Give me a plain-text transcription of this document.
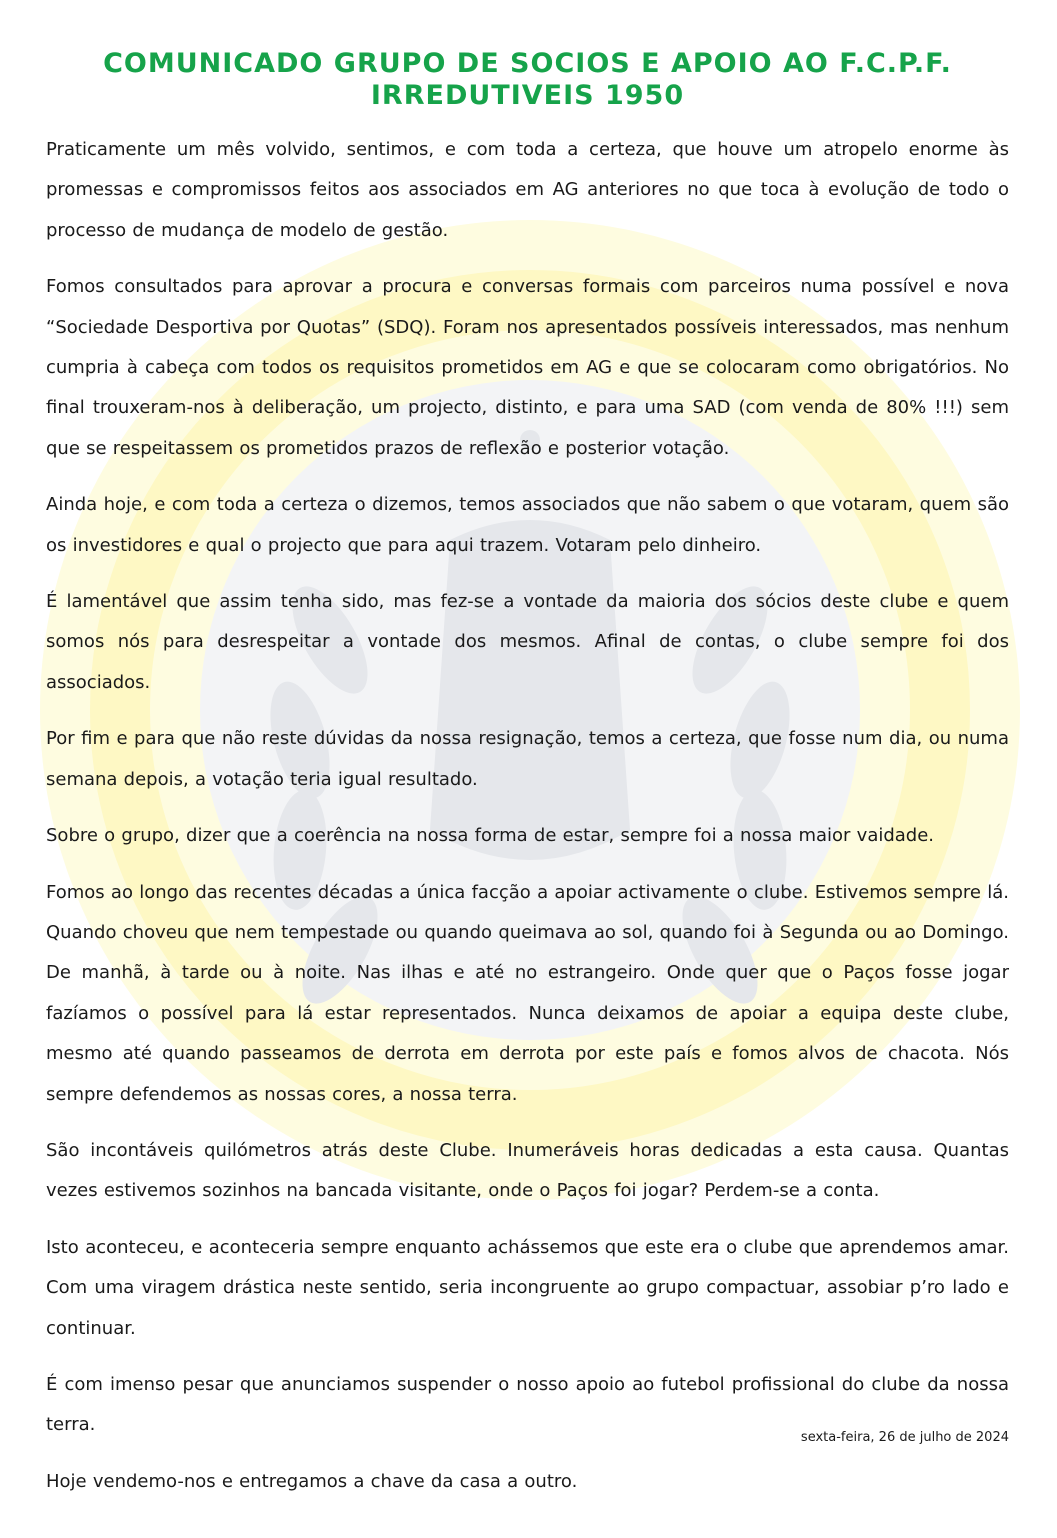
COMUNICADO GRUPO DE SOCIOS E APOIO AO F.C.P.F.
IRREDUTIVEIS 1950

Praticamente um mês volvido, sentimos, e com toda a certeza, que houve um atropelo enorme às promessas e compromissos feitos aos associados em AG anteriores no que toca à evolução de todo o processo de mudança de modelo de gestão.

Fomos consultados para aprovar a procura e conversas formais com parceiros numa possível e nova “Sociedade Desportiva por Quotas” (SDQ). Foram nos apresentados possíveis interessados, mas nenhum cumpria à cabeça com todos os requisitos prometidos em AG e que se colocaram como obrigatórios. No final trouxeram-nos à deliberação, um projecto, distinto, e para uma SAD (com venda de 80% !!!) sem que se respeitassem os prometidos prazos de reflexão e posterior votação.

Ainda hoje, e com toda a certeza o dizemos, temos associados que não sabem o que votaram, quem são os investidores e qual o projecto que para aqui trazem. Votaram pelo dinheiro.

É lamentável que assim tenha sido, mas fez-se a vontade da maioria dos sócios deste clube e quem somos nós para desrespeitar a vontade dos mesmos. Afinal de contas, o clube sempre foi dos associados.

Por fim e para que não reste dúvidas da nossa resignação, temos a certeza, que fosse num dia, ou numa semana depois, a votação teria igual resultado.

Sobre o grupo, dizer que a coerência na nossa forma de estar, sempre foi a nossa maior vaidade.

Fomos ao longo das recentes décadas a única facção a apoiar activamente o clube. Estivemos sempre lá. Quando choveu que nem tempestade ou quando queimava ao sol, quando foi à Segunda ou ao Domingo. De manhã, à tarde ou à noite. Nas ilhas e até no estrangeiro. Onde quer que o Paços fosse jogar fazíamos o possível para lá estar representados. Nunca deixamos de apoiar a equipa deste clube, mesmo até quando passeamos de derrota em derrota por este país e fomos alvos de chacota. Nós sempre defendemos as nossas cores, a nossa terra.

São incontáveis quilómetros atrás deste Clube. Inumeráveis horas dedicadas a esta causa. Quantas vezes estivemos sozinhos na bancada visitante, onde o Paços foi jogar? Perdem-se a conta.

Isto aconteceu, e aconteceria sempre enquanto achássemos que este era o clube que aprendemos amar. Com uma viragem drástica neste sentido, seria incongruente ao grupo compactuar, assobiar p’ro lado e continuar.

É com imenso pesar que anunciamos suspender o nosso apoio ao futebol profissional do clube da nossa terra.

Hoje vendemo-nos e entregamos a chave da casa a outro.

sexta-feira, 26 de julho de 2024
